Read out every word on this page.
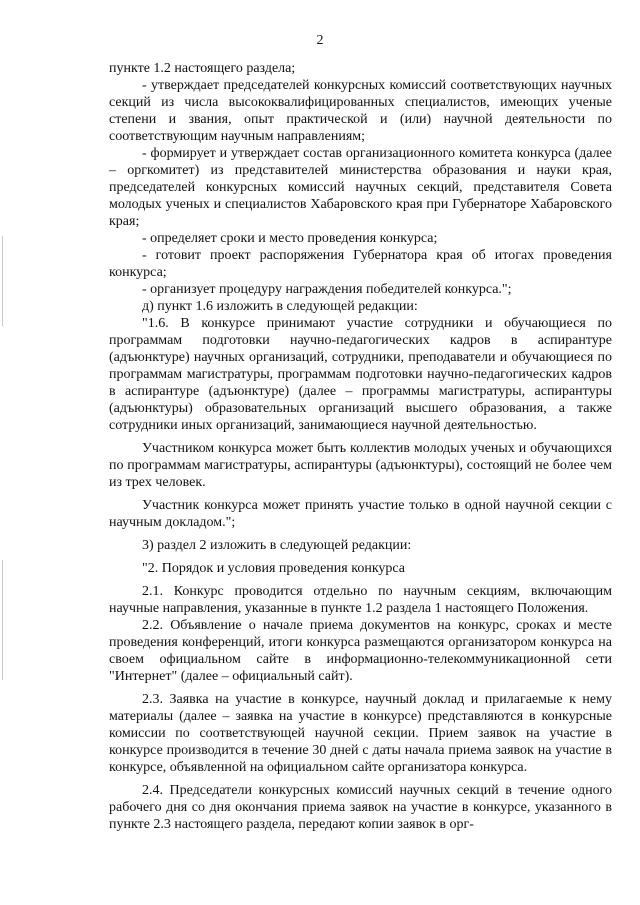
2

пункте 1.2 настоящего раздела;

- утверждает председателей конкурсных комиссий соответствующих научных секций из числа высококвалифицированных специалистов, имеющих ученые степени и звания, опыт практической и (или) научной деятельности по соответствующим научным направлениям;

- формирует и утверждает состав организационного комитета конкурса (далее – оргкомитет) из представителей министерства образования и науки края, председателей конкурсных комиссий научных секций, представителя Совета молодых ученых и специалистов Хабаровского края при Губернаторе Хабаровского края;

- определяет сроки и место проведения конкурса;

- готовит проект распоряжения Губернатора края об итогах проведения конкурса;

- организует процедуру награждения победителей конкурса.";

д) пункт 1.6 изложить в следующей редакции:

"1.6. В конкурсе принимают участие сотрудники и обучающиеся по программам подготовки научно-педагогических кадров в аспирантуре (адъюнктуре) научных организаций, сотрудники, преподаватели и обучающиеся по программам магистратуры, программам подготовки научно-педагогических кадров в аспирантуре (адъюнктуре) (далее – программы магистратуры, аспирантуры (адъюнктуры) образовательных организаций высшего образования, а также сотрудники иных организаций, занимающиеся научной деятельностью.

Участником конкурса может быть коллектив молодых ученых и обучающихся по программам магистратуры, аспирантуры (адъюнктуры), состоящий не более чем из трех человек.

Участник конкурса может принять участие только в одной научной секции с научным докладом.";

3) раздел 2 изложить в следующей редакции:

"2. Порядок и условия проведения конкурса

2.1. Конкурс проводится отдельно по научным секциям, включающим научные направления, указанные в пункте 1.2 раздела 1 настоящего Положения.

2.2. Объявление о начале приема документов на конкурс, сроках и месте проведения конференций, итоги конкурса размещаются организатором конкурса на своем официальном сайте в информационно-телекоммуникационной сети "Интернет" (далее – официальный сайт).

2.3. Заявка на участие в конкурсе, научный доклад и прилагаемые к нему материалы (далее – заявка на участие в конкурсе) представляются в конкурсные комиссии по соответствующей научной секции. Прием заявок на участие в конкурсе производится в течение 30 дней с даты начала приема заявок на участие в конкурсе, объявленной на официальном сайте организатора конкурса.

2.4. Председатели конкурсных комиссий научных секций в течение одного рабочего дня со дня окончания приема заявок на участие в конкурсе, указанного в пункте 2.3 настоящего раздела, передают копии заявок в орг-
